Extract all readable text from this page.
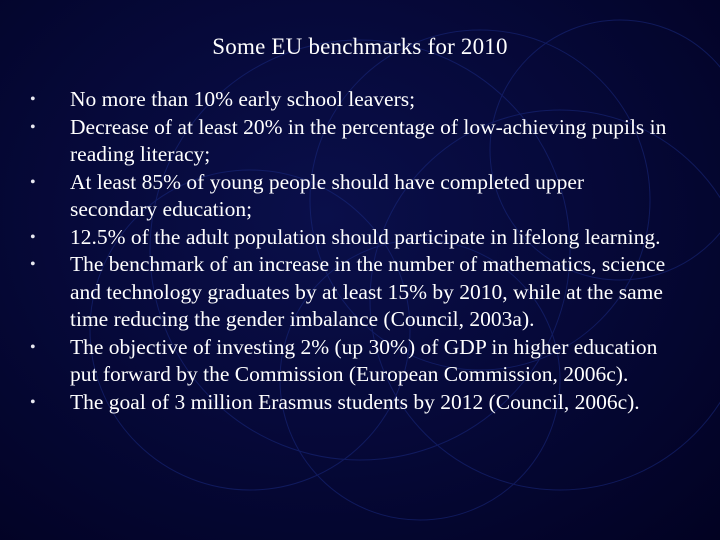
Some EU benchmarks for 2010
• No more than 10% early school leavers;
• Decrease of at least 20% in the percentage of low-achieving pupils in reading literacy;
• At least 85% of young people should have completed upper secondary education;
• 12.5% of the adult population should participate in lifelong learning.
• The benchmark of an increase in the number of mathematics, science and technology graduates by at least 15% by 2010, while at the same time reducing the gender imbalance (Council, 2003a).
• The objective of investing 2% (up 30%) of GDP in higher education put forward by the Commission (European Commission, 2006c).
• The goal of 3 million Erasmus students by 2012 (Council, 2006c).
